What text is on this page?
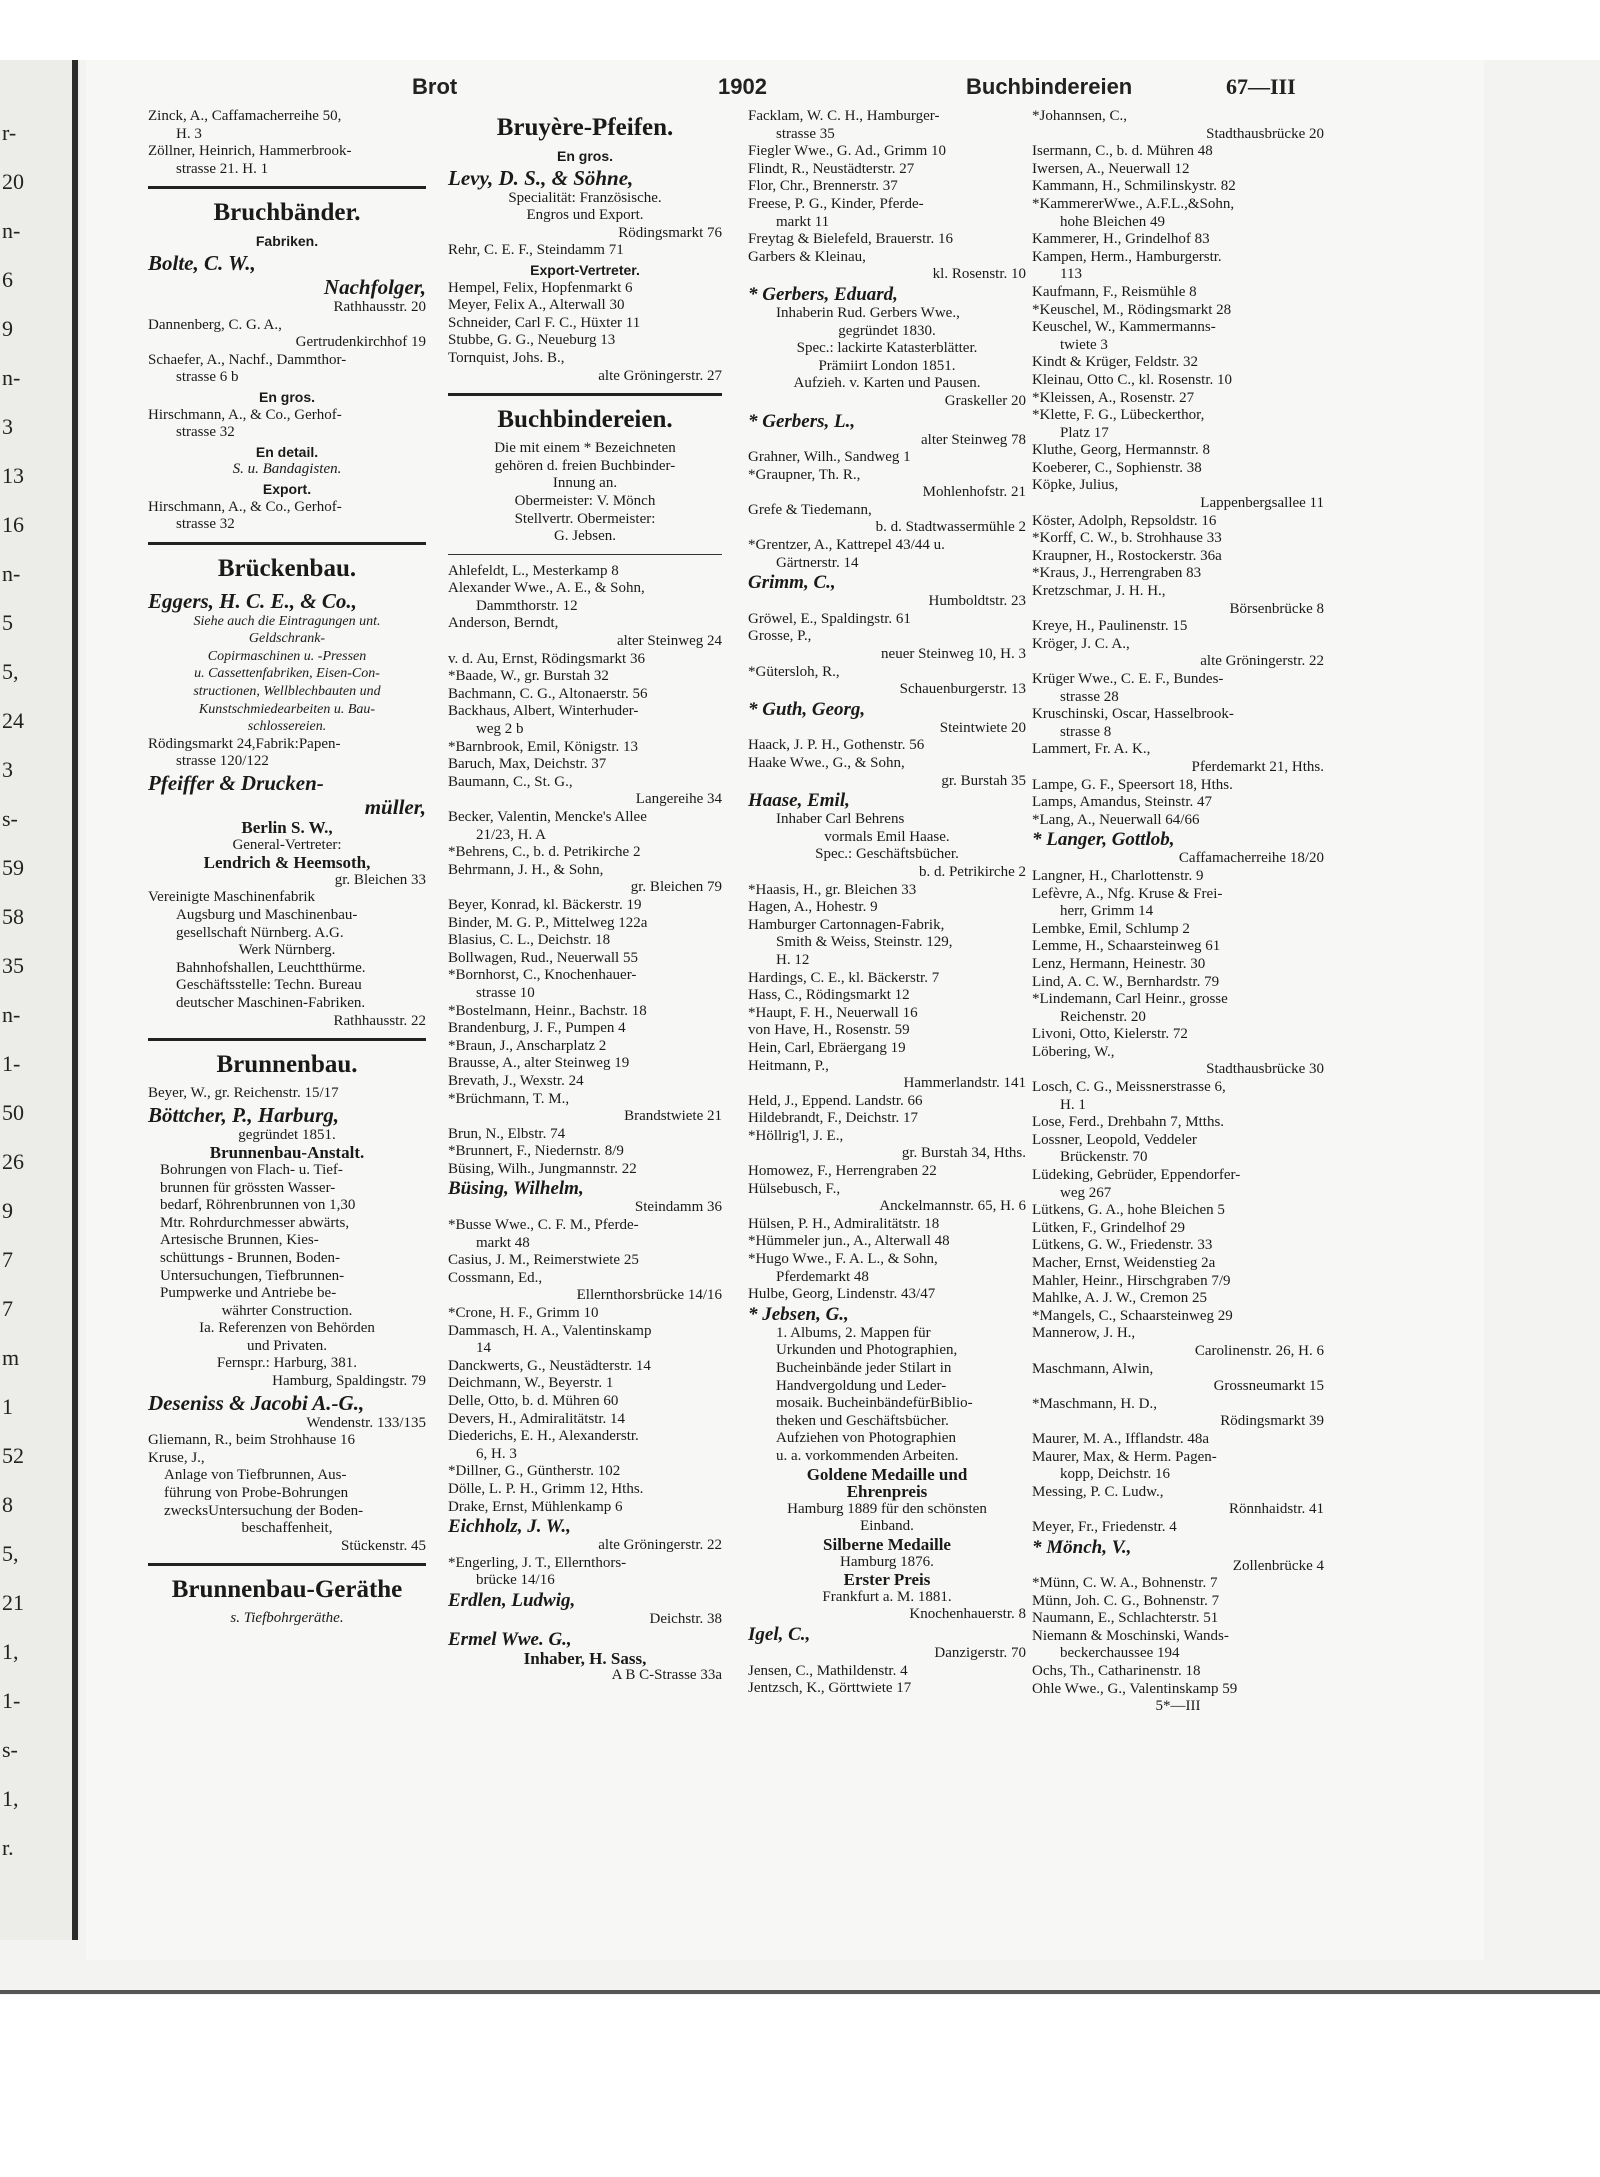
r-
20
n-
6
9
n-
3
13
16
n-
5
5,
24
3
s-
59
58
35
n-
1-
50
26
9
7
7
m
1
52
8
5,
21
1,
1-
s-
1,
r.
Brot	1902	Buchbindereien	67—III
Zinck, A., Caffamacherreihe 50,
H. 3
Zöllner, Heinrich, Hammerbrook-
strasse 21. H. 1
Bruchbänder.
Fabriken.
Bolte, C. W.,
Nachfolger,
Rathhausstr. 20
Dannenberg, C. G. A.,
Gertrudenkirchhof 19
Schaefer, A., Nachf., Dammthor-
strasse 6 b
En gros.
Hirschmann, A., & Co., Gerhof-
strasse 32
En detail.
S. u. Bandagisten.
Export.
Hirschmann, A., & Co., Gerhof-
strasse 32
Brückenbau.
Eggers, H. C. E., & Co.,
Siehe auch die Eintragungen unt.
Geldschrank-
Copirmaschinen u. -Pressen
u. Cassettenfabriken, Eisen-Con-
structionen, Wellblechbauten und
Kunstschmiedearbeiten u. Bau-
schlossereien.
Rödingsmarkt 24,Fabrik:Papen-
strasse 120/122
Pfeiffer & Drucken-
müller,
Berlin S. W.,
General-Vertreter:
Lendrich & Heemsoth,
gr. Bleichen 33
Vereinigte Maschinenfabrik
Augsburg und Maschinenbau-
gesellschaft Nürnberg. A.G.
Werk Nürnberg.
Bahnhofshallen, Leuchtthürme.
Geschäftsstelle: Techn. Bureau
deutscher Maschinen-Fabriken.
Rathhausstr. 22
Brunnenbau.
Beyer, W., gr. Reichenstr. 15/17
Böttcher, P., Harburg,
gegründet 1851.
Brunnenbau-Anstalt.
Bohrungen von Flach- u. Tief-
brunnen für grössten Wasser-
bedarf, Röhrenbrunnen von 1,30
Mtr. Rohrdurchmesser abwärts,
Artesische Brunnen, Kies-
schüttungs - Brunnen, Boden-
Untersuchungen, Tiefbrunnen-
Pumpwerke und Antriebe be-
währter Construction.
Ia. Referenzen von Behörden
und Privaten.
Fernspr.: Harburg, 381.
Hamburg, Spaldingstr. 79
Deseniss & Jacobi A.-G.,
Wendenstr. 133/135
Gliemann, R., beim Strohhause 16
Kruse, J.,
Anlage von Tiefbrunnen, Aus-
führung von Probe-Bohrungen
zwecksUntersuchung der Boden-
beschaffenheit,
Stückenstr. 45
Brunnenbau-Geräthe
s. Tiefbohrgeräthe.
Bruyère-Pfeifen.
En gros.
Levy, D. S., & Söhne,
Specialität: Französische.
Engros und Export.
Rödingsmarkt 76
Rehr, C. E. F., Steindamm 71
Export-Vertreter.
Hempel, Felix, Hopfenmarkt 6
Meyer, Felix A., Alterwall 30
Schneider, Carl F. C., Hüxter 11
Stubbe, G. G., Neueburg 13
Tornquist, Johs. B.,
alte Gröningerstr. 27
Buchbindereien.
Die mit einem * Bezeichneten
gehören d. freien Buchbinder-
Innung an.
Obermeister: V. Mönch
Stellvertr. Obermeister:
G. Jebsen.
Ahlefeldt, L., Mesterkamp 8
Alexander Wwe., A. E., & Sohn,
Dammthorstr. 12
Anderson, Berndt,
alter Steinweg 24
v. d. Au, Ernst, Rödingsmarkt 36
*Baade, W., gr. Burstah 32
Bachmann, C. G., Altonaerstr. 56
Backhaus, Albert, Winterhuder-
weg 2 b
*Barnbrook, Emil, Königstr. 13
Baruch, Max, Deichstr. 37
Baumann, C., St. G.,
Langereihe 34
Becker, Valentin, Mencke's Allee
21/23, H. A
*Behrens, C., b. d. Petrikirche 2
Behrmann, J. H., & Sohn,
gr. Bleichen 79
Beyer, Konrad, kl. Bäckerstr. 19
Binder, M. G. P., Mittelweg 122a
Blasius, C. L., Deichstr. 18
Bollwagen, Rud., Neuerwall 55
*Bornhorst, C., Knochenhauer-
strasse 10
*Bostelmann, Heinr., Bachstr. 18
Brandenburg, J. F., Pumpen 4
*Braun, J., Anscharplatz 2
Brausse, A., alter Steinweg 19
Brevath, J., Wexstr. 24
*Brüchmann, T. M.,
Brandstwiete 21
Brun, N., Elbstr. 74
*Brunnert, F., Niedernstr. 8/9
Büsing, Wilh., Jungmannstr. 22
Büsing, Wilhelm,
Steindamm 36
*Busse Wwe., C. F. M., Pferde-
markt 48
Casius, J. M., Reimerstwiete 25
Cossmann, Ed.,
Ellernthorsbrücke 14/16
*Crone, H. F., Grimm 10
Dammasch, H. A., Valentinskamp
14
Danckwerts, G., Neustädterstr. 14
Deichmann, W., Beyerstr. 1
Delle, Otto, b. d. Mühren 60
Devers, H., Admiralitätstr. 14
Diederichs, E. H., Alexanderstr.
6, H. 3
*Dillner, G., Güntherstr. 102
Dölle, L. P. H., Grimm 12, Hths.
Drake, Ernst, Mühlenkamp 6
Eichholz, J. W.,
alte Gröningerstr. 22
*Engerling, J. T., Ellernthors-
brücke 14/16
Erdlen, Ludwig,
Deichstr. 38
Ermel Wwe. G.,
Inhaber, H. Sass,
A B C-Strasse 33a
Facklam, W. C. H., Hamburger-
strasse 35
Fiegler Wwe., G. Ad., Grimm 10
Flindt, R., Neustädterstr. 27
Flor, Chr., Brennerstr. 37
Freese, P. G., Kinder, Pferde-
markt 11
Freytag & Bielefeld, Brauerstr. 16
Garbers & Kleinau,
kl. Rosenstr. 10
* Gerbers, Eduard,
Inhaberin Rud. Gerbers Wwe.,
gegründet 1830.
Spec.: lackirte Katasterblätter.
Prämiirt London 1851.
Aufzieh. v. Karten und Pausen.
Graskeller 20
* Gerbers, L.,
alter Steinweg 78
Grahner, Wilh., Sandweg 1
*Graupner, Th. R.,
Mohlenhofstr. 21
Grefe & Tiedemann,
b. d. Stadtwassermühle 2
*Grentzer, A., Kattrepel 43/44 u.
Gärtnerstr. 14
Grimm, C.,
Humboldtstr. 23
Gröwel, E., Spaldingstr. 61
Grosse, P.,
neuer Steinweg 10, H. 3
*Gütersloh, R.,
Schauenburgerstr. 13
* Guth, Georg,
Steintwiete 20
Haack, J. P. H., Gothenstr. 56
Haake Wwe., G., & Sohn,
gr. Burstah 35
Haase, Emil,
Inhaber Carl Behrens
vormals Emil Haase.
Spec.: Geschäftsbücher.
b. d. Petrikirche 2
*Haasis, H., gr. Bleichen 33
Hagen, A., Hohestr. 9
Hamburger Cartonnagen-Fabrik,
Smith & Weiss, Steinstr. 129,
H. 12
Hardings, C. E., kl. Bäckerstr. 7
Hass, C., Rödingsmarkt 12
*Haupt, F. H., Neuerwall 16
von Have, H., Rosenstr. 59
Hein, Carl, Ebräergang 19
Heitmann, P.,
Hammerlandstr. 141
Held, J., Eppend. Landstr. 66
Hildebrandt, F., Deichstr. 17
*Höllrig'l, J. E.,
gr. Burstah 34, Hths.
Homowez, F., Herrengraben 22
Hülsebusch, F.,
Anckelmannstr. 65, H. 6
Hülsen, P. H., Admiralitätstr. 18
*Hümmeler jun., A., Alterwall 48
*Hugo Wwe., F. A. L., & Sohn,
Pferdemarkt 48
Hulbe, Georg, Lindenstr. 43/47
* Jebsen, G.,
1. Albums, 2. Mappen für
Urkunden und Photographien,
Bucheinbände jeder Stilart in
Handvergoldung und Leder-
mosaik. BucheinbändefürBiblio-
theken und Geschäftsbücher.
Aufziehen von Photographien
u. a. vorkommenden Arbeiten.
Goldene Medaille und
Ehrenpreis
Hamburg 1889 für den schönsten
Einband.
Silberne Medaille
Hamburg 1876.
Erster Preis
Frankfurt a. M. 1881.
Knochenhauerstr. 8
Igel, C.,
Danzigerstr. 70
Jensen, C., Mathildenstr. 4
Jentzsch, K., Görttwiete 17
*Johannsen, C.,
Stadthausbrücke 20
Isermann, C., b. d. Mühren 48
Iwersen, A., Neuerwall 12
Kammann, H., Schmilinskystr. 82
*KammererWwe., A.F.L.,&Sohn,
hohe Bleichen 49
Kammerer, H., Grindelhof 83
Kampen, Herm., Hamburgerstr.
113
Kaufmann, F., Reismühle 8
*Keuschel, M., Rödingsmarkt 28
Keuschel, W., Kammermanns-
twiete 3
Kindt & Krüger, Feldstr. 32
Kleinau, Otto C., kl. Rosenstr. 10
*Kleissen, A., Rosenstr. 27
*Klette, F. G., Lübeckerthor,
Platz 17
Kluthe, Georg, Hermannstr. 8
Koeberer, C., Sophienstr. 38
Köpke, Julius,
Lappenbergsallee 11
Köster, Adolph, Repsoldstr. 16
*Korff, C. W., b. Strohhause 33
Kraupner, H., Rostockerstr. 36a
*Kraus, J., Herrengraben 83
Kretzschmar, J. H. H.,
Börsenbrücke 8
Kreye, H., Paulinenstr. 15
Kröger, J. C. A.,
alte Gröningerstr. 22
Krüger Wwe., C. E. F., Bundes-
strasse 28
Kruschinski, Oscar, Hasselbrook-
strasse 8
Lammert, Fr. A. K.,
Pferdemarkt 21, Hths.
Lampe, G. F., Speersort 18, Hths.
Lamps, Amandus, Steinstr. 47
*Lang, A., Neuerwall 64/66
* Langer, Gottlob,
Caffamacherreihe 18/20
Langner, H., Charlottenstr. 9
Lefèvre, A., Nfg. Kruse & Frei-
herr, Grimm 14
Lembke, Emil, Schlump 2
Lemme, H., Schaarsteinweg 61
Lenz, Hermann, Heinestr. 30
Lind, A. C. W., Bernhardstr. 79
*Lindemann, Carl Heinr., grosse
Reichenstr. 20
Livoni, Otto, Kielerstr. 72
Löbering, W.,
Stadthausbrücke 30
Losch, C. G., Meissnerstrasse 6,
H. 1
Lose, Ferd., Drehbahn 7, Mtths.
Lossner, Leopold, Veddeler
Brückenstr. 70
Lüdeking, Gebrüder, Eppendorfer-
weg 267
Lütkens, G. A., hohe Bleichen 5
Lütken, F., Grindelhof 29
Lütkens, G. W., Friedenstr. 33
Macher, Ernst, Weidenstieg 2a
Mahler, Heinr., Hirschgraben 7/9
Mahlke, A. J. W., Cremon 25
*Mangels, C., Schaarsteinweg 29
Mannerow, J. H.,
Carolinenstr. 26, H. 6
Maschmann, Alwin,
Grossneumarkt 15
*Maschmann, H. D.,
Rödingsmarkt 39
Maurer, M. A., Ifflandstr. 48a
Maurer, Max, & Herm. Pagen-
kopp, Deichstr. 16
Messing, P. C. Ludw.,
Rönnhaidstr. 41
Meyer, Fr., Friedenstr. 4
* Mönch, V.,
Zollenbrücke 4
*Münn, C. W. A., Bohnenstr. 7
Münn, Joh. C. G., Bohnenstr. 7
Naumann, E., Schlachterstr. 51
Niemann & Moschinski, Wands-
beckerchaussee 194
Ochs, Th., Catharinenstr. 18
Ohle Wwe., G., Valentinskamp 59
5*—III
